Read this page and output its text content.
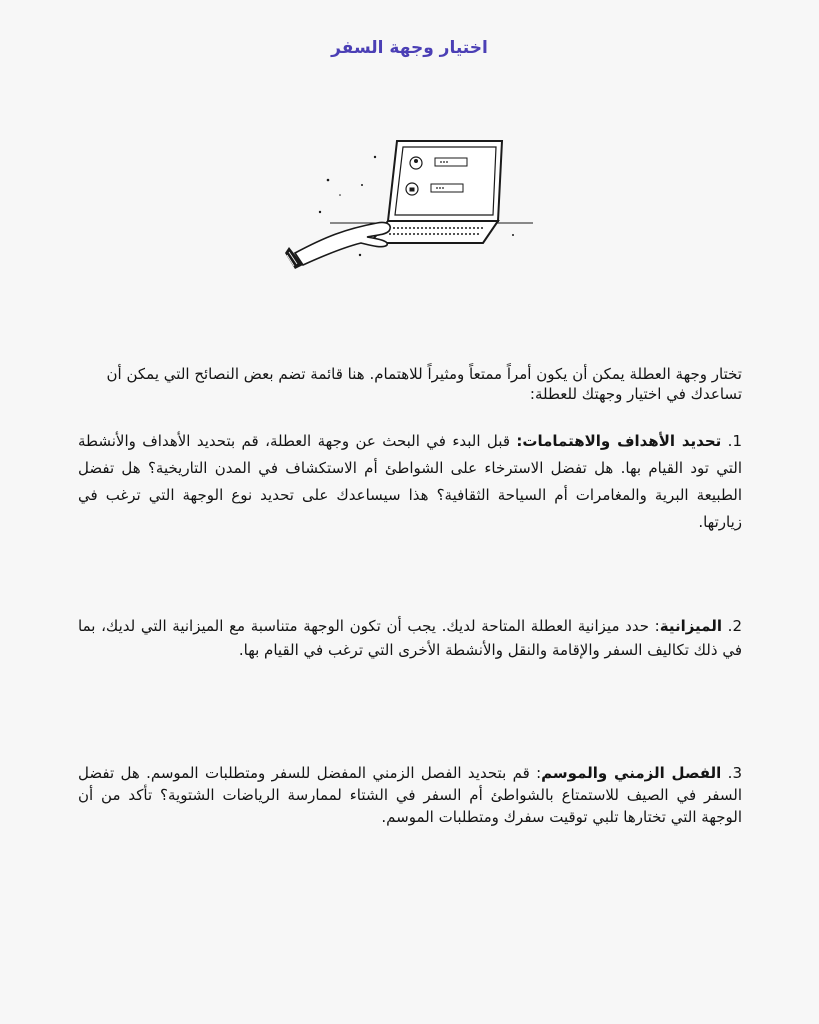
اختيار وجهة السفر
تختار وجهة العطلة يمكن أن يكون أمراً ممتعاً ومثيراً للاهتمام. هنا قائمة تضم بعض النصائح التي يمكن أن تساعدك في اختيار وجهتك للعطلة:
1. تحديد الأهداف والاهتمامات: قبل البدء في البحث عن وجهة العطلة، قم بتحديد الأهداف والأنشطة التي تود القيام بها. هل تفضل الاسترخاء على الشواطئ أم الاستكشاف في المدن التاريخية؟ هل تفضل الطبيعة البرية والمغامرات أم السياحة الثقافية؟ هذا سيساعدك على تحديد نوع الوجهة التي ترغب في زيارتها.
2. الميزانية: حدد ميزانية العطلة المتاحة لديك. يجب أن تكون الوجهة متناسبة مع الميزانية التي لديك، بما في ذلك تكاليف السفر والإقامة والنقل والأنشطة الأخرى التي ترغب في القيام بها.
3. الفصل الزمني والموسم: قم بتحديد الفصل الزمني المفضل للسفر ومتطلبات الموسم. هل تفضل السفر في الصيف للاستمتاع بالشواطئ أم السفر في الشتاء لممارسة الرياضات الشتوية؟ تأكد من أن الوجهة التي تختارها تلبي توقيت سفرك ومتطلبات الموسم.
